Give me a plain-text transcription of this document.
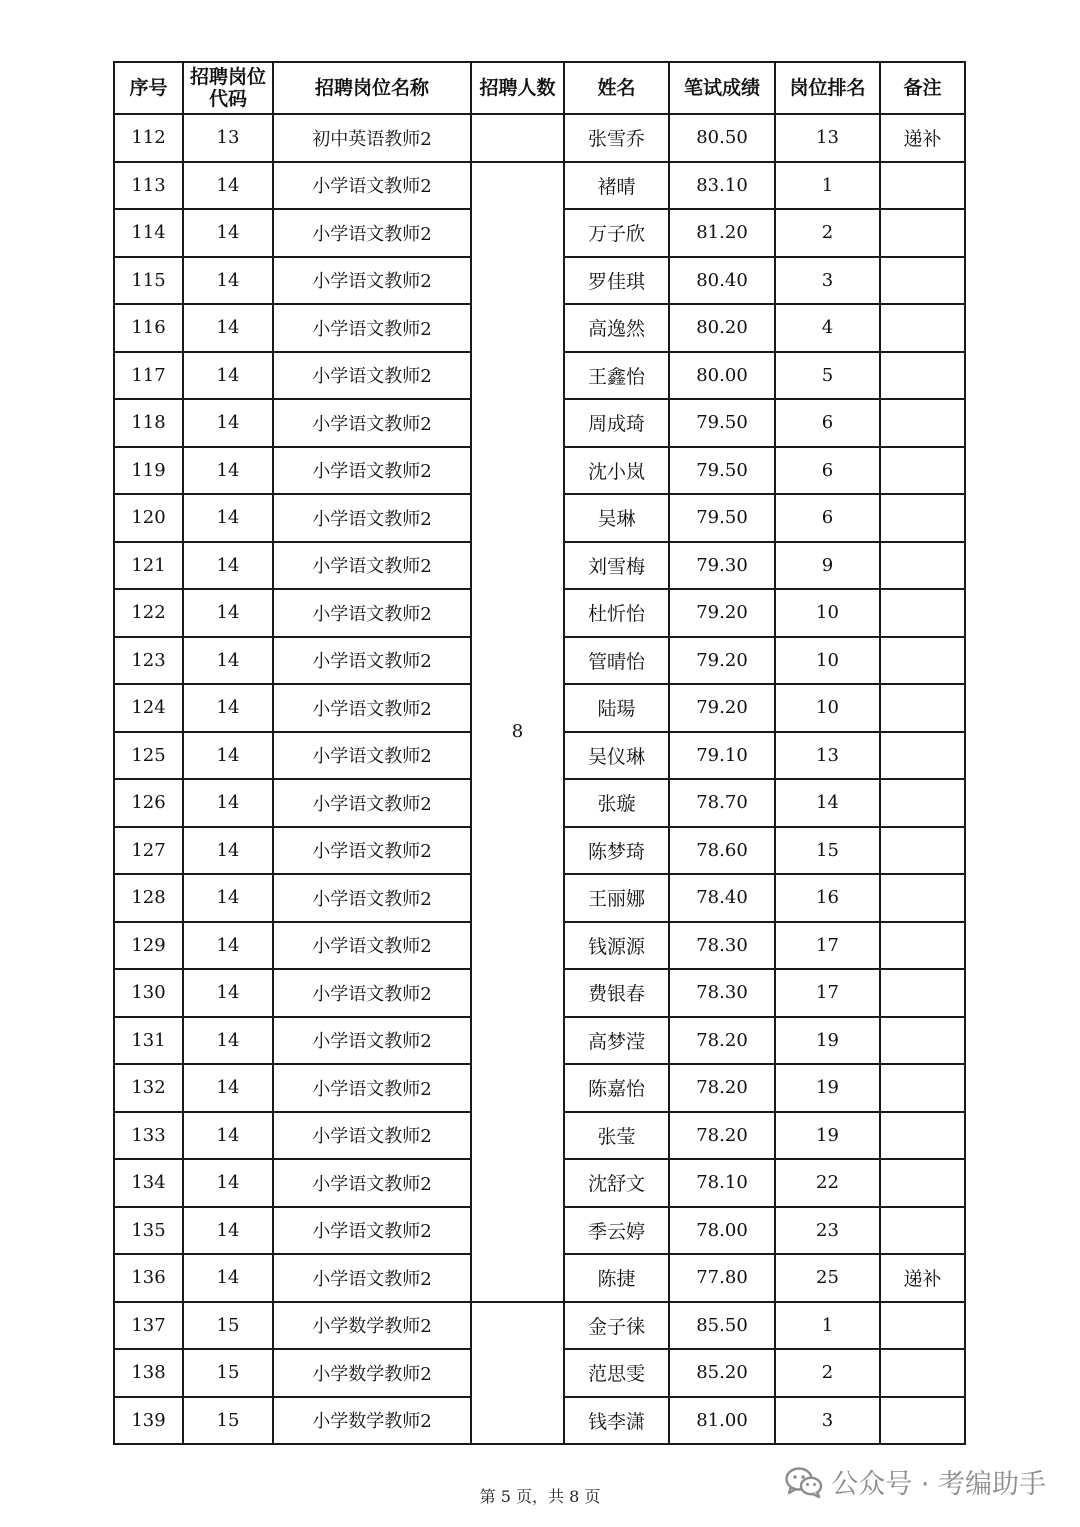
序号	招聘岗位代码	招聘岗位名称	招聘人数	姓名	笔试成绩	岗位排名	备注
112	13	初中英语教师2		张雪乔	80.50	13	递补
113	14	小学语文教师2	8	褚晴	83.10	1	
114	14	小学语文教师2		万子欣	81.20	2	
115	14	小学语文教师2		罗佳琪	80.40	3	
116	14	小学语文教师2		高逸然	80.20	4	
117	14	小学语文教师2		王鑫怡	80.00	5	
118	14	小学语文教师2		周成琦	79.50	6	
119	14	小学语文教师2		沈小岚	79.50	6	
120	14	小学语文教师2		吴琳	79.50	6	
121	14	小学语文教师2		刘雪梅	79.30	9	
122	14	小学语文教师2		杜忻怡	79.20	10	
123	14	小学语文教师2		管晴怡	79.20	10	
124	14	小学语文教师2		陆瑒	79.20	10	
125	14	小学语文教师2		吴仪琳	79.10	13	
126	14	小学语文教师2		张璇	78.70	14	
127	14	小学语文教师2		陈梦琦	78.60	15	
128	14	小学语文教师2		王丽娜	78.40	16	
129	14	小学语文教师2		钱源源	78.30	17	
130	14	小学语文教师2		费银春	78.30	17	
131	14	小学语文教师2		高梦滢	78.20	19	
132	14	小学语文教师2		陈嘉怡	78.20	19	
133	14	小学语文教师2		张莹	78.20	19	
134	14	小学语文教师2		沈舒文	78.10	22	
135	14	小学语文教师2		季云婷	78.00	23	
136	14	小学语文教师2		陈捷	77.80	25	递补
137	15	小学数学教师2		金子徕	85.50	1	
138	15	小学数学教师2		范思雯	85.20	2	
139	15	小学数学教师2		钱李潇	81.00	3	
第 5 页，共 8 页	公众号 · 考编助手
